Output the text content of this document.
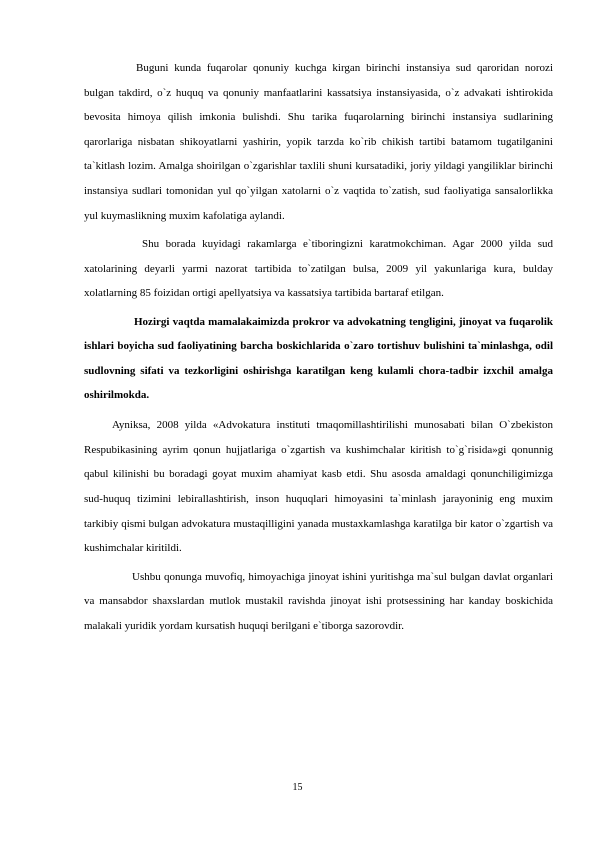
Buguni kunda fuqarolar qonuniy kuchga kirgan birinchi instansiya sud qaroridan norozi bulgan takdird, o`z huquq va qonuniy manfaatlarini kassatsiya instansiyasida, o`z advakati ishtirokida bevosita himoya qilish imkonia bulishdi. Shu tarika fuqarolarning birinchi instansiya sudlarining qarorlariga nisbatan shikoyatlarni yashirin, yopik tarzda ko`rib chikish tartibi batamom tugatilganini ta`kitlash lozim. Amalga shoirilgan o`zgarishlar taxlili shuni kursatadiki, joriy yildagi yangiliklar birinchi instansiya sudlari tomonidan yul qo`yilgan xatolarni o`z vaqtida to`zatish, sud faoliyatiga sansalorlikka yul kuymaslikning muxim kafolatiga aylandi.

Shu borada kuyidagi rakamlarga e`tiboringizni karatmokchiman. Agar 2000 yilda sud xatolarining deyarli yarmi nazorat tartibida to`zatilgan bulsa, 2009 yil yakunlariga kura, bulday xolatlarning 85 foizidan ortigi apellyatsiya va kassatsiya tartibida bartaraf etilgan.

Hozirgi vaqtda mamalakaimizda prokror va advokatning tengligini, jinoyat va fuqarolik ishlari boyicha sud faoliyatining barcha boskichlarida o`zaro tortishuv bulishini ta`minlashga, odil sudlovning sifati va tezkorligini oshirishga karatilgan keng kulamli chora-tadbir izxchil amalga oshirilmokda.

Ayniksa, 2008 yilda «Advokatura instituti tmaqomillashtirilishi munosabati bilan O`zbekiston Respubikasining ayrim qonun hujjatlariga o`zgartish va kushimchalar kiritish to`g`risida»gi qonunnig qabul kilinishi bu boradagi goyat muxim ahamiyat kasb etdi. Shu asosda amaldagi qonunchiligimizga sud-huquq tizimini lebirallashtirish, inson huquqlari himoyasini ta`minlash jarayoninig eng muxim tarkibiy qismi bulgan advokatura mustaqilligini yanada mustaxkamlashga karatilga bir kator o`zgartish va kushimchalar kiritildi.

Ushbu qonunga muvofiq, himoyachiga jinoyat ishini yuritishga ma`sul bulgan davlat organlari va mansabdor shaxslardan mutlok mustakil ravishda jinoyat ishi protsessining har kanday boskichida malakali yuridik yordam kursatish huquqi berilgani e`tiborga sazorovdir.

15
